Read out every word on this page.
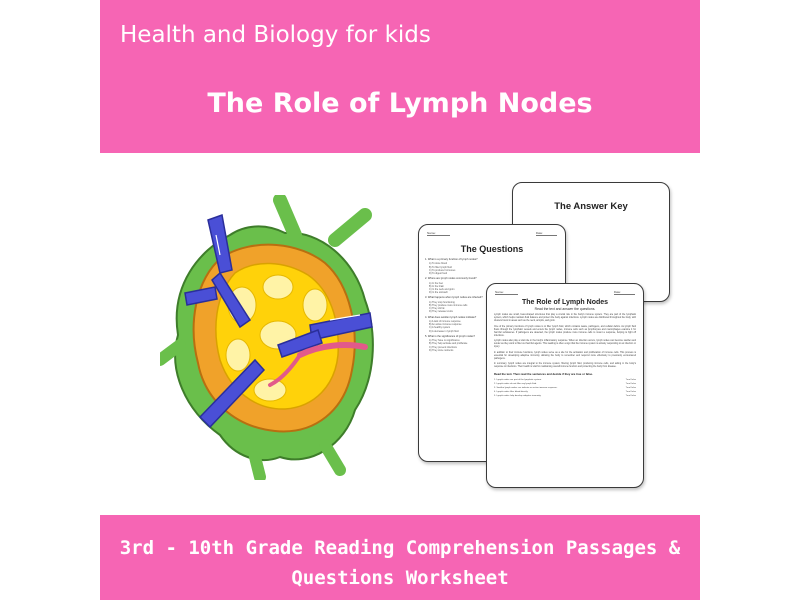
Health and Biology for kids
The Role of Lymph Nodes
The Answer Key
Name:	Date:
The Questions
1. What is a primary function of lymph nodes?
A) To store blood
B) To filter lymph fluid
C) To produce hormones
D) To digest food
2. Where are lymph nodes commonly found?
A) In the liver
B) In the brain
C) In the neck and groin
D) In the stomach
3. What happens when lymph nodes are infected?
A) They stop functioning
B) They produce more immune cells
C) They shrink
D) They release toxins
4. What does swollen lymph nodes indicate?
A) A lack of immune response
B) An active immune response
C) A healthy system
D) A decrease in lymph fluid
5. What is the significance of lymph nodes?
A) They have no significance
B) They help activate and proliferate
C) They prevent infections
D) They store nutrients
Name:	Date:
The Role of Lymph Nodes
Read the text and answer the questions.

Lymph nodes are small, bean-shaped structures that play a crucial role in the body's immune system. They are part of the lymphatic system, which helps maintain fluid balance and protect the body against infections. Lymph nodes are distributed throughout the body, with clusters found in areas such as the neck, armpits, and groin.

One of the primary functions of lymph nodes is to filter lymph fluid, which contains waste, pathogens, and cellular debris. As lymph fluid flows through the lymphatic vessels and enters the lymph nodes, immune cells such as lymphocytes and macrophages examine it for harmful substances. If pathogens are detected, the lymph nodes produce more immune cells to mount a response, helping to fight off infections.

Lymph nodes also play a vital role in the body's inflammatory response. When an infection occurs, lymph nodes can become swollen and tender as they work to filter out harmful agents. This swelling is often a sign that the immune system is actively responding to an infection or injury.

In addition to their immune functions, lymph nodes serve as a site for the activation and proliferation of immune cells. This process is essential for developing adaptive immunity, allowing the body to remember and respond more effectively to previously encountered pathogens.

In summary, lymph nodes are integral to the immune system, filtering lymph fluid, producing immune cells, and aiding in the body's response to infections. Their health is vital for maintaining overall immune function and protecting the body from disease.

Read the text. Then read the sentences and decide if they are true or false.
1. Lymph nodes are part of the lymphatic system.	True False
2. Lymph nodes do not filter any lymph fluid.	True False
3. Swollen lymph nodes can indicate an active immune response.	True False
4. Lymph nodes filter blood directly.	True False
5. Lymph nodes help develop adaptive immunity.	True False
3rd - 10th Grade Reading Comprehension Passages &
Questions Worksheet
